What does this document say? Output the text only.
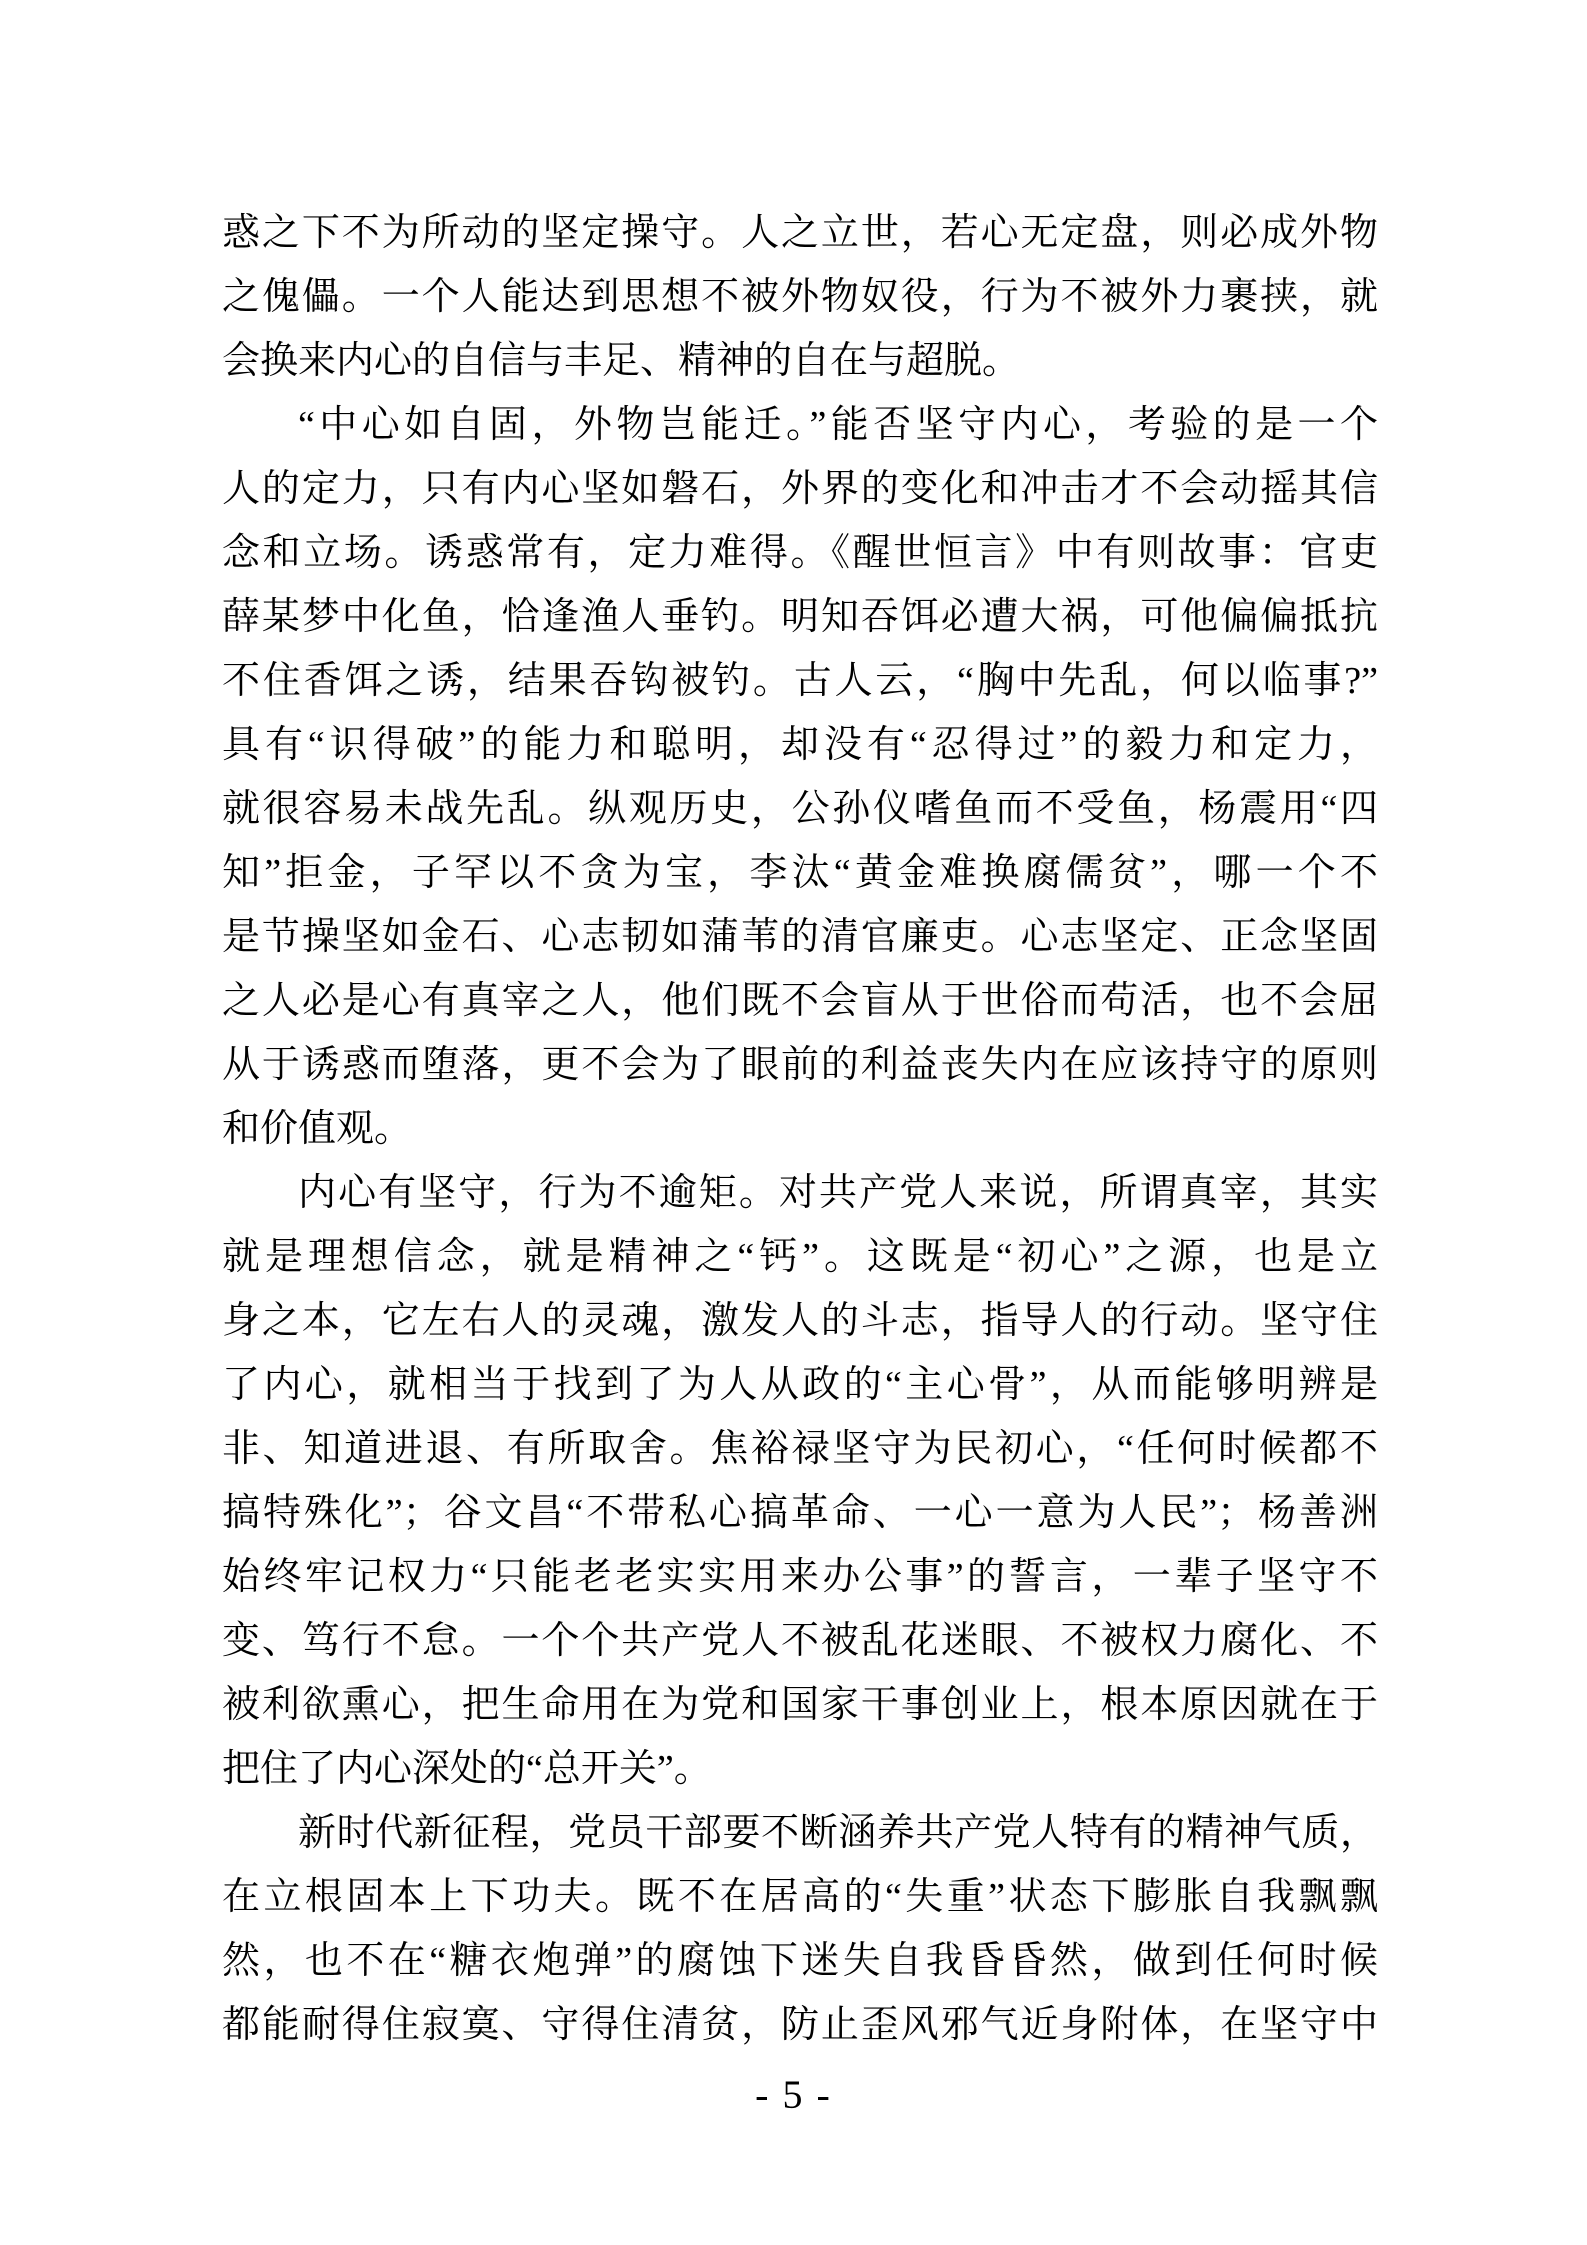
惑之下不为所动的坚定操守。人之立世，若心无定盘，则必成外物
之傀儡。一个人能达到思想不被外物奴役，行为不被外力裹挟，就
会换来内心的自信与丰足、精神的自在与超脱。
“中心如自固，外物岂能迁。”能否坚守内心，考验的是一个
人的定力，只有内心坚如磐石，外界的变化和冲击才不会动摇其信
念和立场。诱惑常有，定力难得。《醒世恒言》中有则故事：官吏
薛某梦中化鱼，恰逢渔人垂钓。明知吞饵必遭大祸，可他偏偏抵抗
不住香饵之诱，结果吞钩被钓。古人云，“胸中先乱，何以临事?”
具有“识得破”的能力和聪明，却没有“忍得过”的毅力和定力，
就很容易未战先乱。纵观历史，公孙仪嗜鱼而不受鱼，杨震用“四
知”拒金，子罕以不贪为宝，李汰“黄金难换腐儒贫”，哪一个不
是节操坚如金石、心志韧如蒲苇的清官廉吏。心志坚定、正念坚固
之人必是心有真宰之人，他们既不会盲从于世俗而苟活，也不会屈
从于诱惑而堕落，更不会为了眼前的利益丧失内在应该持守的原则
和价值观。
内心有坚守，行为不逾矩。对共产党人来说，所谓真宰，其实
就是理想信念，就是精神之“钙”。这既是“初心”之源，也是立
身之本，它左右人的灵魂，激发人的斗志，指导人的行动。坚守住
了内心，就相当于找到了为人从政的“主心骨”，从而能够明辨是
非、知道进退、有所取舍。焦裕禄坚守为民初心，“任何时候都不
搞特殊化”；谷文昌“不带私心搞革命、一心一意为人民”；杨善洲
始终牢记权力“只能老老实实用来办公事”的誓言，一辈子坚守不
变、笃行不怠。一个个共产党人不被乱花迷眼、不被权力腐化、不
被利欲熏心，把生命用在为党和国家干事创业上，根本原因就在于
把住了内心深处的“总开关”。
新时代新征程，党员干部要不断涵养共产党人特有的精神气质，
在立根固本上下功夫。既不在居高的“失重”状态下膨胀自我飘飘
然，也不在“糖衣炮弹”的腐蚀下迷失自我昏昏然，做到任何时候
都能耐得住寂寞、守得住清贫，防止歪风邪气近身附体，在坚守中
- 5 -
